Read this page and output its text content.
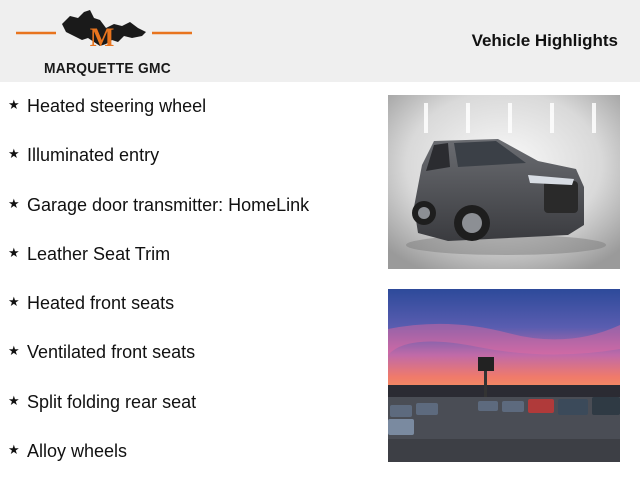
M
MARQUETTE GMC
Vehicle Highlights
★ Heated steering wheel
★ Illuminated entry
★ Garage door transmitter: HomeLink
★ Leather Seat Trim
★ Heated front seats
★ Ventilated front seats
★ Split folding rear seat
★ Alloy wheels
